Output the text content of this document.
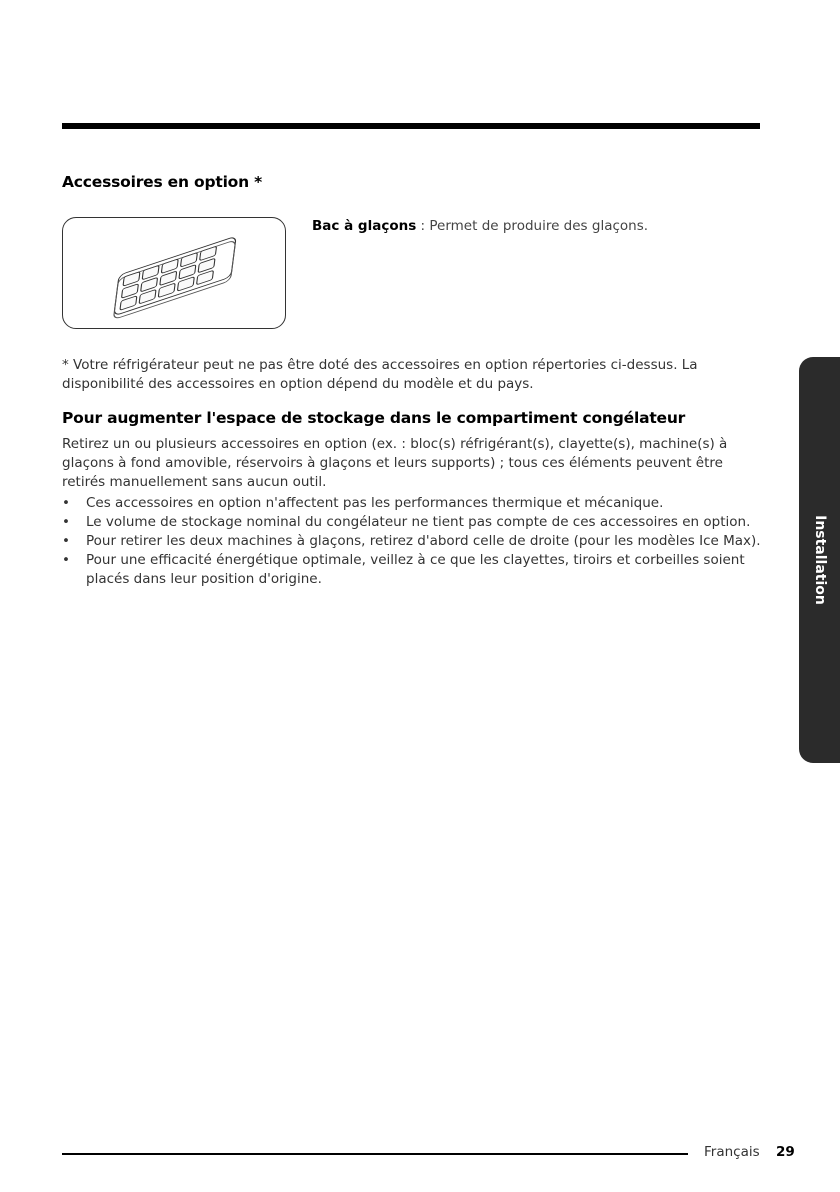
Accessoires en option *
Bac à glaçons : Permet de produire des glaçons.

* Votre réfrigérateur peut ne pas être doté des accessoires en option répertories ci-dessus. La disponibilité des accessoires en option dépend du modèle et du pays.

Pour augmenter l'espace de stockage dans le compartiment congélateur

Retirez un ou plusieurs accessoires en option (ex. : bloc(s) réfrigérant(s), clayette(s), machine(s) à glaçons à fond amovible, réservoirs à glaçons et leurs supports) ; tous ces éléments peuvent être retirés manuellement sans aucun outil.

• Ces accessoires en option n'affectent pas les performances thermique et mécanique.
• Le volume de stockage nominal du congélateur ne tient pas compte de ces accessoires en option.
• Pour retirer les deux machines à glaçons, retirez d'abord celle de droite (pour les modèles Ice Max).
• Pour une efficacité énergétique optimale, veillez à ce que les clayettes, tiroirs et corbeilles soient placés dans leur position d'origine.	Installation
Français 29
